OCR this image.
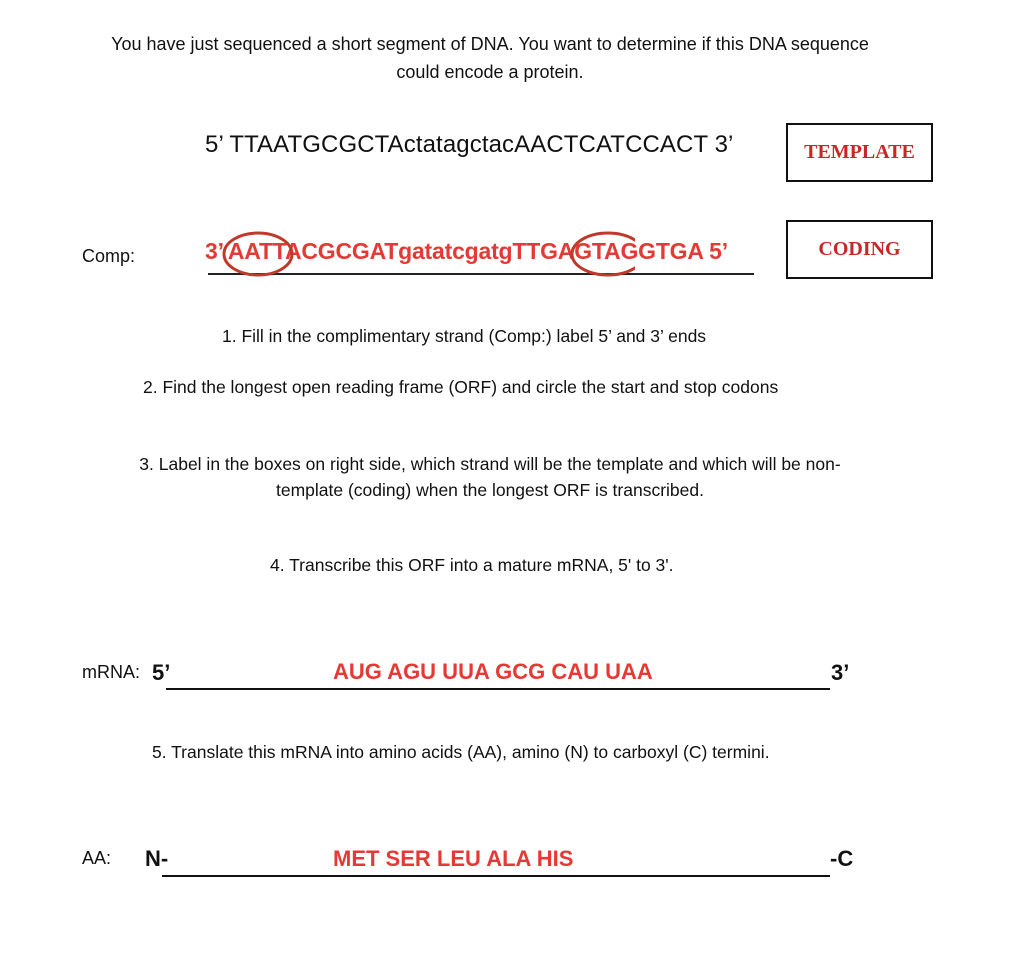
You have just sequenced a short segment of DNA. You want to determine if this DNA sequence
could encode a protein.
5’ TTAATGCGCTActatagctacAACTCATCCACT 3’	TEMPLATE
Comp:	3’ AATTACGCGATgatatcgatgTTGAGTAGGTGA 5’	CODING

1. Fill in the complimentary strand (Comp:) label 5’ and 3’ ends

2. Find the longest open reading frame (ORF) and circle the start and stop codons

3. Label in the boxes on right side, which strand will be the template and which will be non-
template (coding) when the longest ORF is transcribed.

4. Transcribe this ORF into a mature mRNA, 5' to 3'.

mRNA: 5’	AUG AGU UUA GCG CAU UAA	3’

5. Translate this mRNA into amino acids (AA), amino (N) to carboxyl (C) termini.

AA: N-	MET SER LEU ALA HIS	-C
